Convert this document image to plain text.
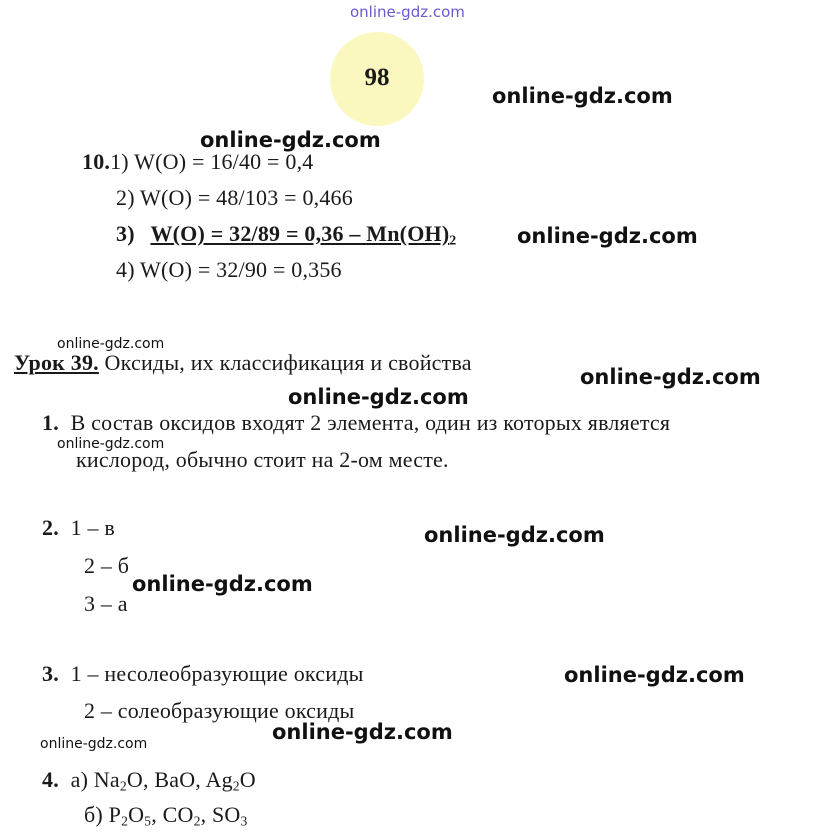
online-gdz.com
98
online-gdz.com
online-gdz.com
online-gdz.com
online-gdz.com
online-gdz.com
online-gdz.com
online-gdz.com
online-gdz.com
online-gdz.com
online-gdz.com
online-gdz.com
online-gdz.com
10.1) W(O) = 16/40 = 0,4
2) W(O) = 48/103 = 0,466
3) $W(O) = 32/89 = 0,36 - Mn(OH)_2$
4) W(O) = 32/90 = 0,356
Урок 39. Оксиды, их классификация и свойства
1. В состав оксидов входят 2 элемента, один из которых является
кислород, обычно стоит на 2-ом месте.
2. 1 – в
2 – б
3 – а
3. 1 – несолеобразующие оксиды
2 – солеобразующие оксиды
4. а) $Na_2O$, BaO, $Ag_2O$
б) $P_2O_5$, $CO_2$, $SO_3$
